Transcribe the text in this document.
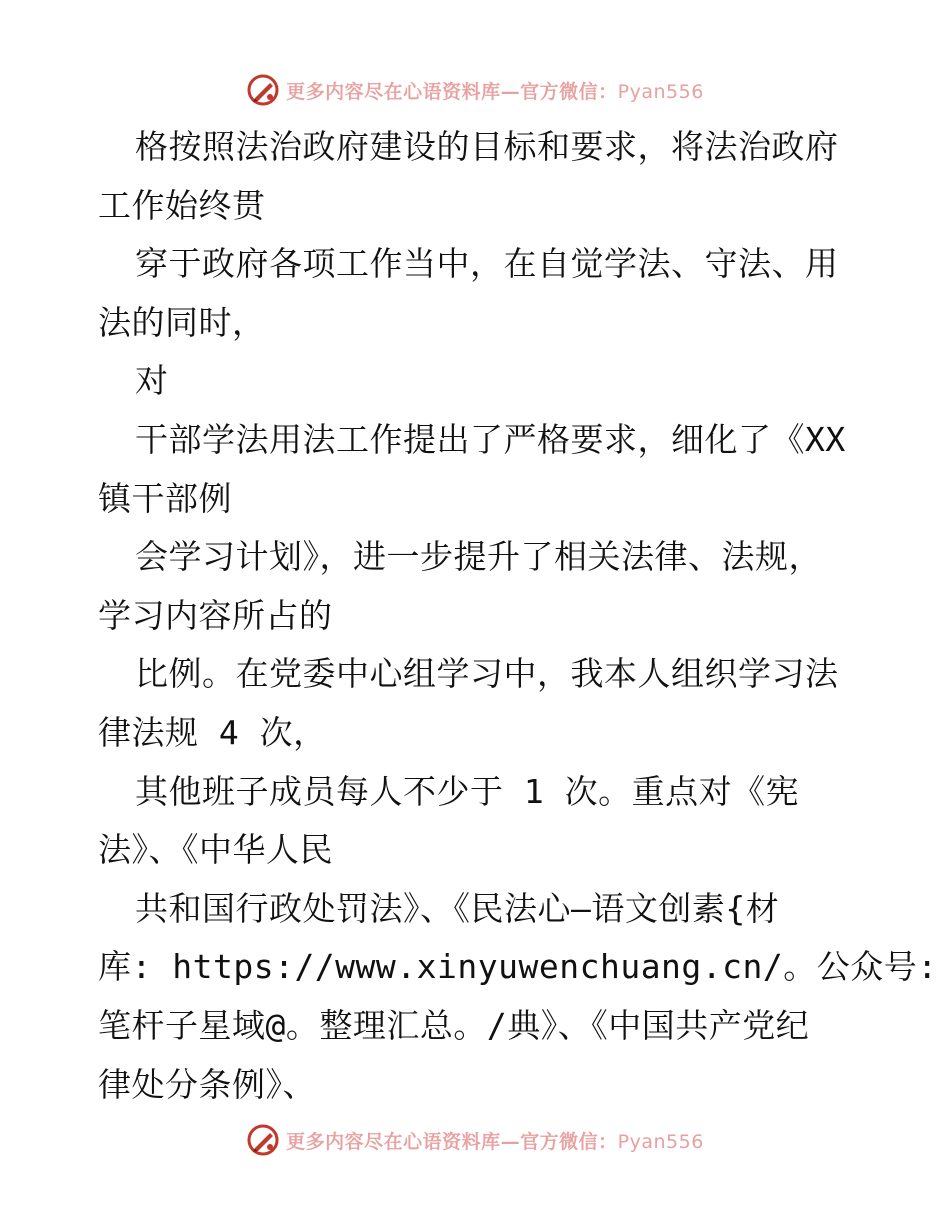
更多内容尽在心语资料库—官方微信：Pyan556
格按照法治政府建设的目标和要求，将法治政府
工作始终贯
穿于政府各项工作当中，在自觉学法、守法、用
法的同时，
对
干部学法用法工作提出了严格要求，细化了《XX
镇干部例
会学习计划》，进一步提升了相关法律、法规，
学习内容所占的
比例。在党委中心组学习中，我本人组织学习法
律法规 4 次，
其他班子成员每人不少于 1 次。重点对《宪
法》、《中华人民
共和国行政处罚法》、《民法心—语文创素{材
库: https://www.xinyuwenchuang.cn/。公众号:
笔杆子星域@。整理汇总。/典》、《中国共产党纪
律处分条例》、
更多内容尽在心语资料库—官方微信：Pyan556
